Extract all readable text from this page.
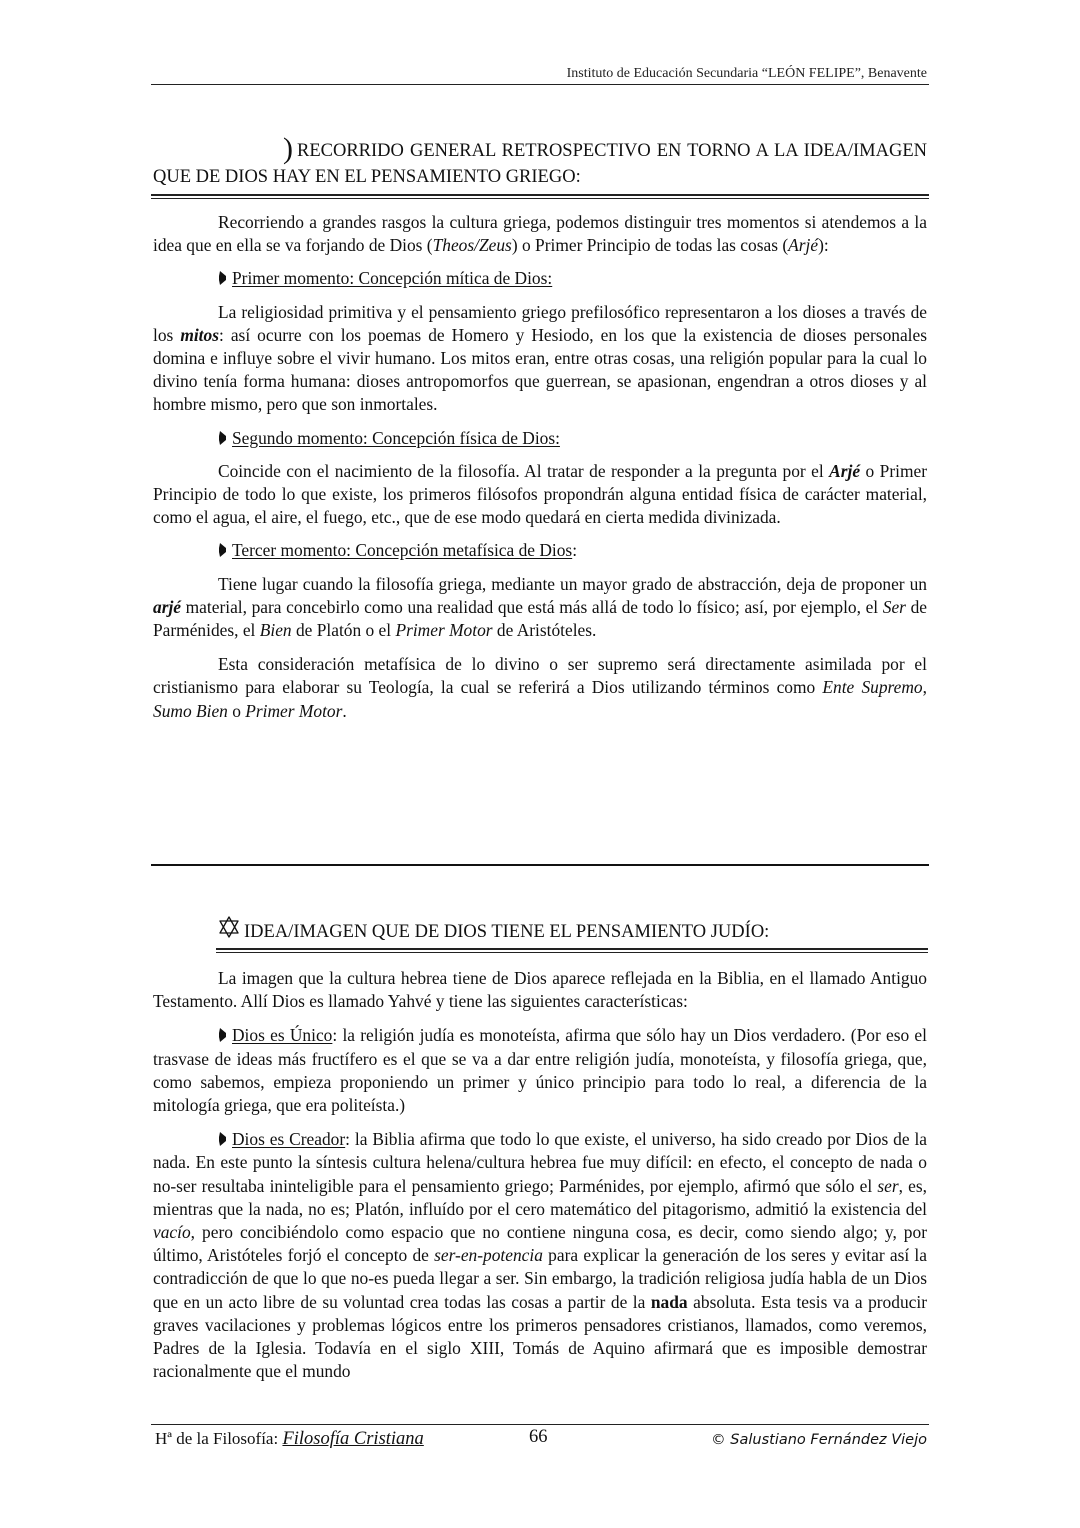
Instituto de Educación Secundaria “LEÓN FELIPE”, Benavente
) RECORRIDO GENERAL RETROSPECTIVO EN TORNO A LA IDEA/IMAGEN QUE DE DIOS HAY EN EL PENSAMIENTO GRIEGO:

Recorriendo a grandes rasgos la cultura griega, podemos distinguir tres momentos si atendemos a la idea que en ella se va forjando de Dios (Theos/Zeus) o Primer Principio de todas las cosas (Arjé):

Primer momento: Concepción mítica de Dios:

La religiosidad primitiva y el pensamiento griego prefilosófico representaron a los dioses a través de los mitos: así ocurre con los poemas de Homero y Hesiodo, en los que la existencia de dioses personales domina e influye sobre el vivir humano. Los mitos eran, entre otras cosas, una religión popular para la cual lo divino tenía forma humana: dioses antropomorfos que guerrean, se apasionan, engendran a otros dioses y al hombre mismo, pero que son inmortales.

Segundo momento: Concepción física de Dios:

Coincide con el nacimiento de la filosofía. Al tratar de responder a la pregunta por el Arjé o Primer Principio de todo lo que existe, los primeros filósofos propondrán alguna entidad física de carácter material, como el agua, el aire, el fuego, etc., que de ese modo quedará en cierta medida divinizada.

Tercer momento: Concepción metafísica de Dios:

Tiene lugar cuando la filosofía griega, mediante un mayor grado de abstracción, deja de proponer un arjé material, para concebirlo como una realidad que está más allá de todo lo físico; así, por ejemplo, el Ser de Parménides, el Bien de Platón o el Primer Motor de Aristóteles.

Esta consideración metafísica de lo divino o ser supremo será directamente asimilada por el cristianismo para elaborar su Teología, la cual se referirá a Dios utilizando términos como Ente Supremo, Sumo Bien o Primer Motor.

IDEA/IMAGEN QUE DE DIOS TIENE EL PENSAMIENTO JUDÍO:

La imagen que la cultura hebrea tiene de Dios aparece reflejada en la Biblia, en el llamado Antiguo Testamento. Allí Dios es llamado Yahvé y tiene las siguientes características:

Dios es Único: la religión judía es monoteísta, afirma que sólo hay un Dios verdadero. (Por eso el trasvase de ideas más fructífero es el que se va a dar entre religión judía, monoteísta, y filosofía griega, que, como sabemos, empieza proponiendo un primer y único principio para todo lo real, a diferencia de la mitología griega, que era politeísta.)

Dios es Creador: la Biblia afirma que todo lo que existe, el universo, ha sido creado por Dios de la nada. En este punto la síntesis cultura helena/cultura hebrea fue muy difícil: en efecto, el concepto de nada o no-ser resultaba ininteligible para el pensamiento griego; Parménides, por ejemplo, afirmó que sólo el ser, es, mientras que la nada, no es; Platón, influído por el cero matemático del pitagorismo, admitió la existencia del vacío, pero concibiéndolo como espacio que no contiene ninguna cosa, es decir, como siendo algo; y, por último, Aristóteles forjó el concepto de ser-en-potencia para explicar la generación de los seres y evitar así la contradicción de que lo que no-es pueda llegar a ser. Sin embargo, la tradición religiosa judía habla de un Dios que en un acto libre de su voluntad crea todas las cosas a partir de la nada absoluta. Esta tesis va a producir graves vacilaciones y problemas lógicos entre los primeros pensadores cristianos, llamados, como veremos, Padres de la Iglesia. Todavía en el siglo XIII, Tomás de Aquino afirmará que es imposible demostrar racionalmente que el mundo

Hª de la Filosofía: Filosofía Cristiana	66	© Salustiano Fernández Viejo
